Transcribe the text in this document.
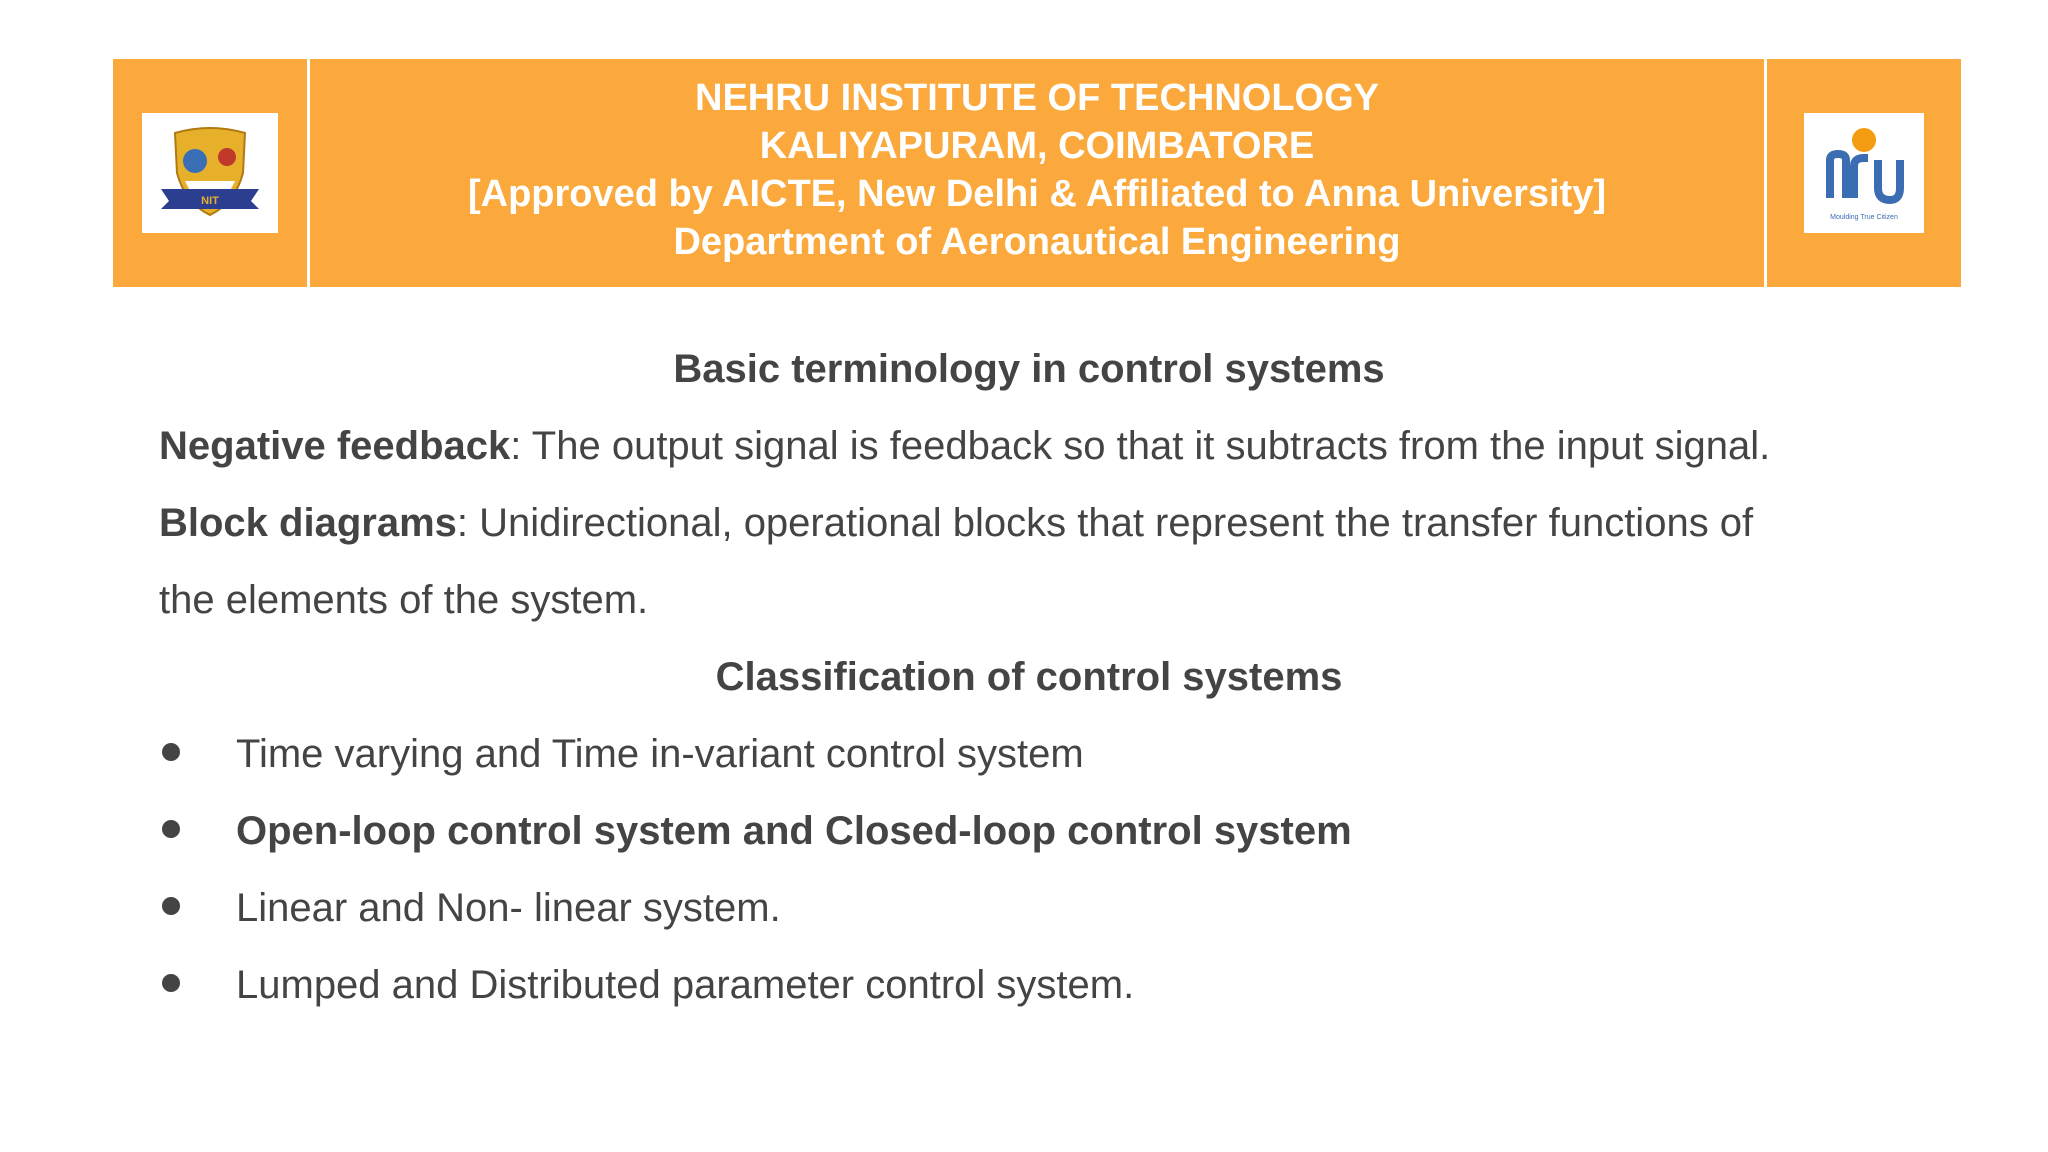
NIT
NEHRU INSTITUTE OF TECHNOLOGY
KALIYAPURAM, COIMBATORE
[Approved by AICTE, New Delhi & Affiliated to Anna University]
Department of Aeronautical Engineering
Moulding True Citizen
Basic terminology in control systems
Negative feedback: The output signal is feedback so that it subtracts from the input signal.
Block diagrams: Unidirectional, operational blocks that represent the transfer functions of
the elements of the system.
Classification of control systems
Time varying and Time in-variant control system
Open-loop control system and Closed-loop control system
Linear and Non- linear system.
Lumped and Distributed parameter control system.
